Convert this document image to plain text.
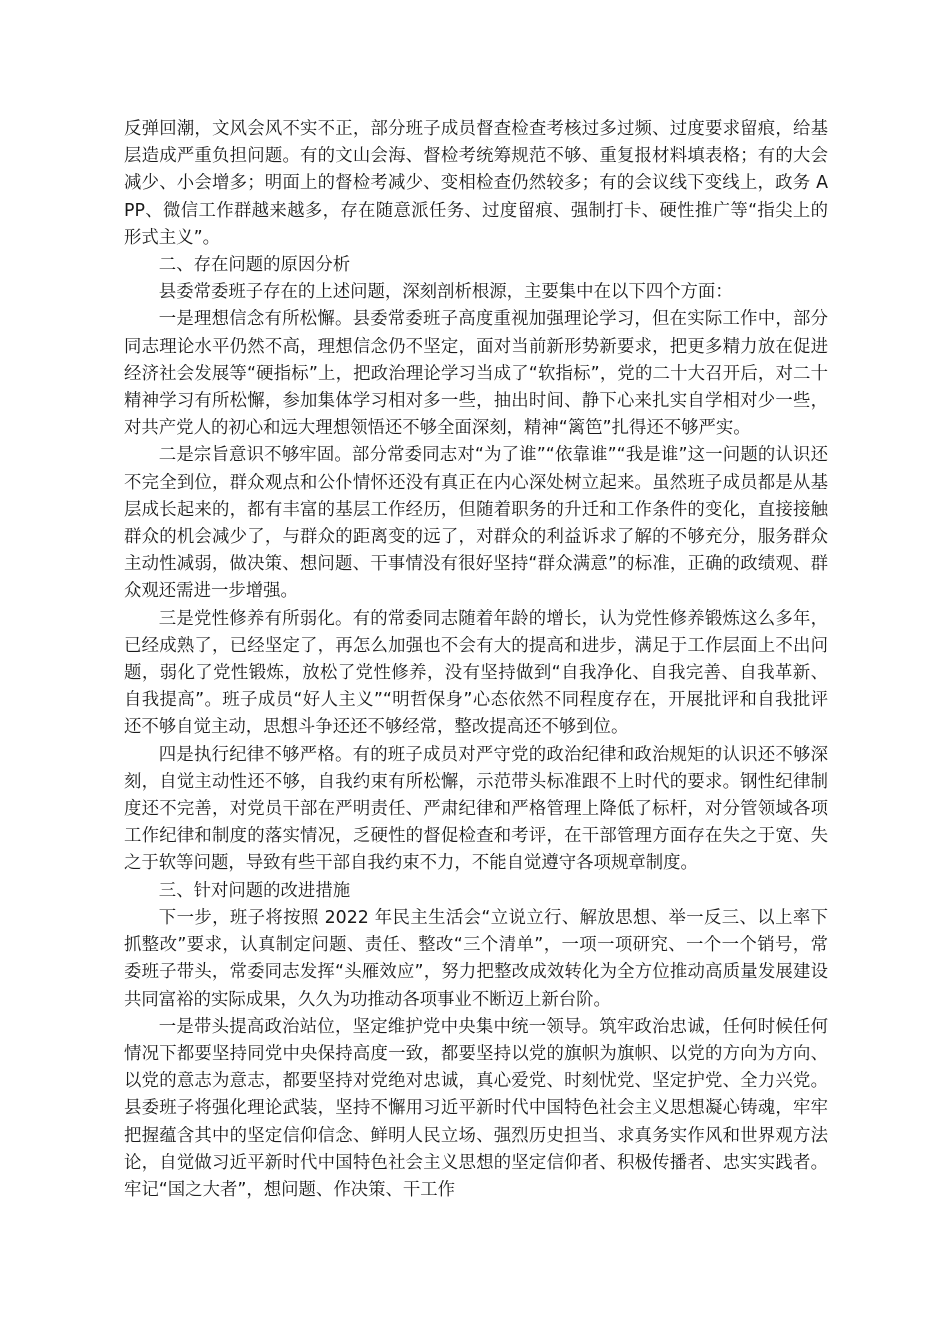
反弹回潮，文风会风不实不正，部分班子成员督查检查考核过多过频、过度要求留痕，给基层造成严重负担问题。有的文山会海、督检考统筹规范不够、重复报材料填表格；有的大会减少、小会增多；明面上的督检考减少、变相检查仍然较多；有的会议线下变线上，政务 APP、微信工作群越来越多，存在随意派任务、过度留痕、强制打卡、硬性推广等“指尖上的形式主义”。

二、存在问题的原因分析

县委常委班子存在的上述问题，深刻剖析根源，主要集中在以下四个方面：

一是理想信念有所松懈。县委常委班子高度重视加强理论学习，但在实际工作中，部分同志理论水平仍然不高，理想信念仍不坚定，面对当前新形势新要求，把更多精力放在促进经济社会发展等“硬指标”上，把政治理论学习当成了“软指标”，党的二十大召开后，对二十精神学习有所松懈，参加集体学习相对多一些，抽出时间、静下心来扎实自学相对少一些，对共产党人的初心和远大理想领悟还不够全面深刻，精神“篱笆”扎得还不够严实。

二是宗旨意识不够牢固。部分常委同志对“为了谁”“依靠谁”“我是谁”这一问题的认识还不完全到位，群众观点和公仆情怀还没有真正在内心深处树立起来。虽然班子成员都是从基层成长起来的，都有丰富的基层工作经历，但随着职务的升迁和工作条件的变化，直接接触群众的机会减少了，与群众的距离变的远了，对群众的利益诉求了解的不够充分，服务群众主动性减弱，做决策、想问题、干事情没有很好坚持“群众满意”的标准，正确的政绩观、群众观还需进一步增强。

三是党性修养有所弱化。有的常委同志随着年龄的增长，认为党性修养锻炼这么多年，已经成熟了，已经坚定了，再怎么加强也不会有大的提高和进步，满足于工作层面上不出问题，弱化了党性锻炼，放松了党性修养，没有坚持做到“自我净化、自我完善、自我革新、自我提高”。班子成员“好人主义”“明哲保身”心态依然不同程度存在，开展批评和自我批评还不够自觉主动，思想斗争还还不够经常，整改提高还不够到位。

四是执行纪律不够严格。有的班子成员对严守党的政治纪律和政治规矩的认识还不够深刻，自觉主动性还不够，自我约束有所松懈，示范带头标准跟不上时代的要求。钢性纪律制度还不完善，对党员干部在严明责任、严肃纪律和严格管理上降低了标杆，对分管领域各项工作纪律和制度的落实情况，乏硬性的督促检查和考评，在干部管理方面存在失之于宽、失之于软等问题，导致有些干部自我约束不力，不能自觉遵守各项规章制度。

三、针对问题的改进措施

下一步，班子将按照 2022 年民主生活会“立说立行、解放思想、举一反三、以上率下抓整改”要求，认真制定问题、责任、整改“三个清单”，一项一项研究、一个一个销号，常委班子带头，常委同志发挥“头雁效应”，努力把整改成效转化为全方位推动高质量发展建设共同富裕的实际成果，久久为功推动各项事业不断迈上新台阶。

一是带头提高政治站位，坚定维护党中央集中统一领导。筑牢政治忠诚，任何时候任何情况下都要坚持同党中央保持高度一致，都要坚持以党的旗帜为旗帜、以党的方向为方向、以党的意志为意志，都要坚持对党绝对忠诚，真心爱党、时刻忧党、坚定护党、全力兴党。县委班子将强化理论武装，坚持不懈用习近平新时代中国特色社会主义思想凝心铸魂，牢牢把握蕴含其中的坚定信仰信念、鲜明人民立场、强烈历史担当、求真务实作风和世界观方法论，自觉做习近平新时代中国特色社会主义思想的坚定信仰者、积极传播者、忠实实践者。牢记“国之大者”，想问题、作决策、干工作
